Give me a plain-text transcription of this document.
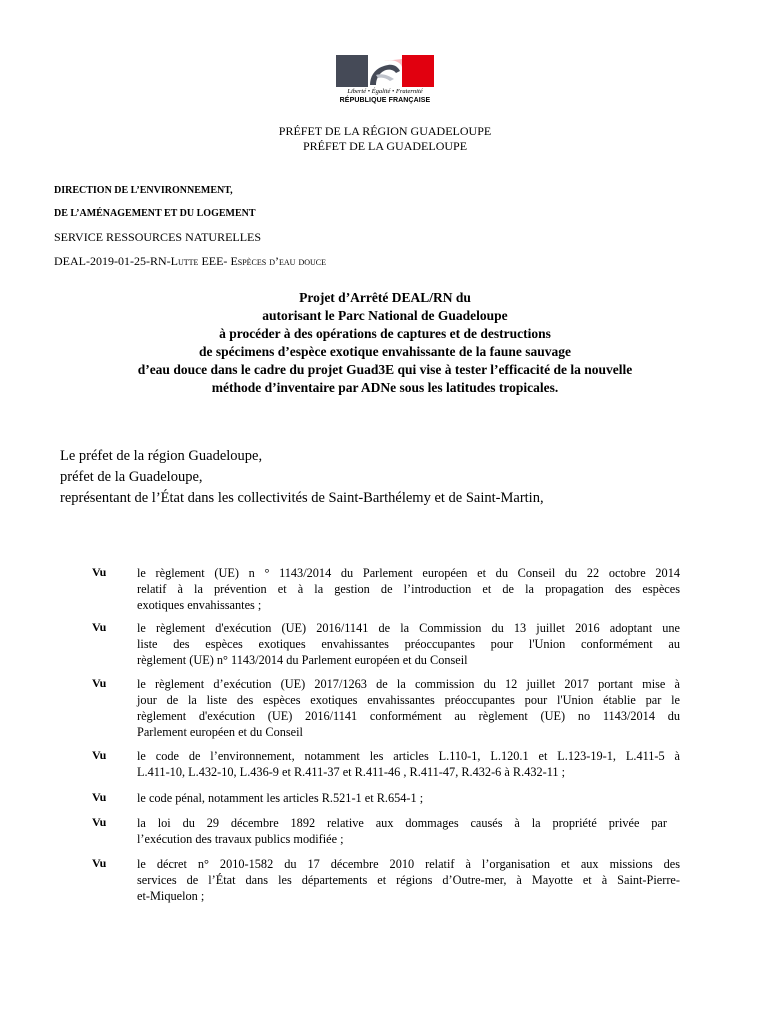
Liberté • Égalité • Fraternité
RÉPUBLIQUE FRANÇAISE
PRÉFET DE LA RÉGION GUADELOUPE
PRÉFET DE LA GUADELOUPE
DIRECTION DE L’ENVIRONNEMENT,
DE L’AMÉNAGEMENT ET DU LOGEMENT
SERVICE RESSOURCES NATURELLES
DEAL-2019-01-25-RN-Lutte EEE- Espèces d’eau douce
Projet d’Arrêté DEAL/RN du
autorisant le Parc National de Guadeloupe
à procéder à des opérations de captures et de destructions
de spécimens d’espèce exotique envahissante de la faune sauvage
d’eau douce dans le cadre du projet Guad3E qui vise à tester l’efficacité de la nouvelle
méthode d’inventaire par ADNe sous les latitudes tropicales.
Le préfet de la région Guadeloupe,
préfet de la Guadeloupe,
représentant de l’État dans les collectivités de Saint-Barthélemy et de Saint-Martin,
Vu	le règlement (UE) n ° 1143/2014 du Parlement européen et du Conseil du 22 octobre 2014
relatif à la prévention et à la gestion de l’introduction et de la propagation des espèces
exotiques envahissantes ;
Vu	le règlement d'exécution (UE) 2016/1141 de la Commission du 13 juillet 2016 adoptant une
liste des espèces exotiques envahissantes préoccupantes pour l'Union conformément au
règlement (UE) n° 1143/2014 du Parlement européen et du Conseil
Vu	le règlement d’exécution (UE) 2017/1263 de la commission du 12 juillet 2017 portant mise à
jour de la liste des espèces exotiques envahissantes préoccupantes pour l'Union établie par le
règlement d'exécution (UE) 2016/1141 conformément au règlement (UE) no 1143/2014 du
Parlement européen et du Conseil
Vu	le code de l’environnement, notamment les articles L.110-1, L.120.1 et L.123-19-1, L.411-5 à
L.411-10, L.432-10, L.436-9 et R.411-37 et R.411-46 , R.411-47, R.432-6 à R.432-11 ;
Vu	le code pénal, notamment les articles R.521-1 et R.654-1 ;
Vu	la loi du 29 décembre 1892 relative aux dommages causés à la propriété privée par
l’exécution des travaux publics modifiée ;
Vu	le décret n° 2010-1582 du 17 décembre 2010 relatif à l’organisation et aux missions des
services de l’État dans les départements et régions d’Outre-mer, à Mayotte et à Saint-Pierre-
et-Miquelon ;
